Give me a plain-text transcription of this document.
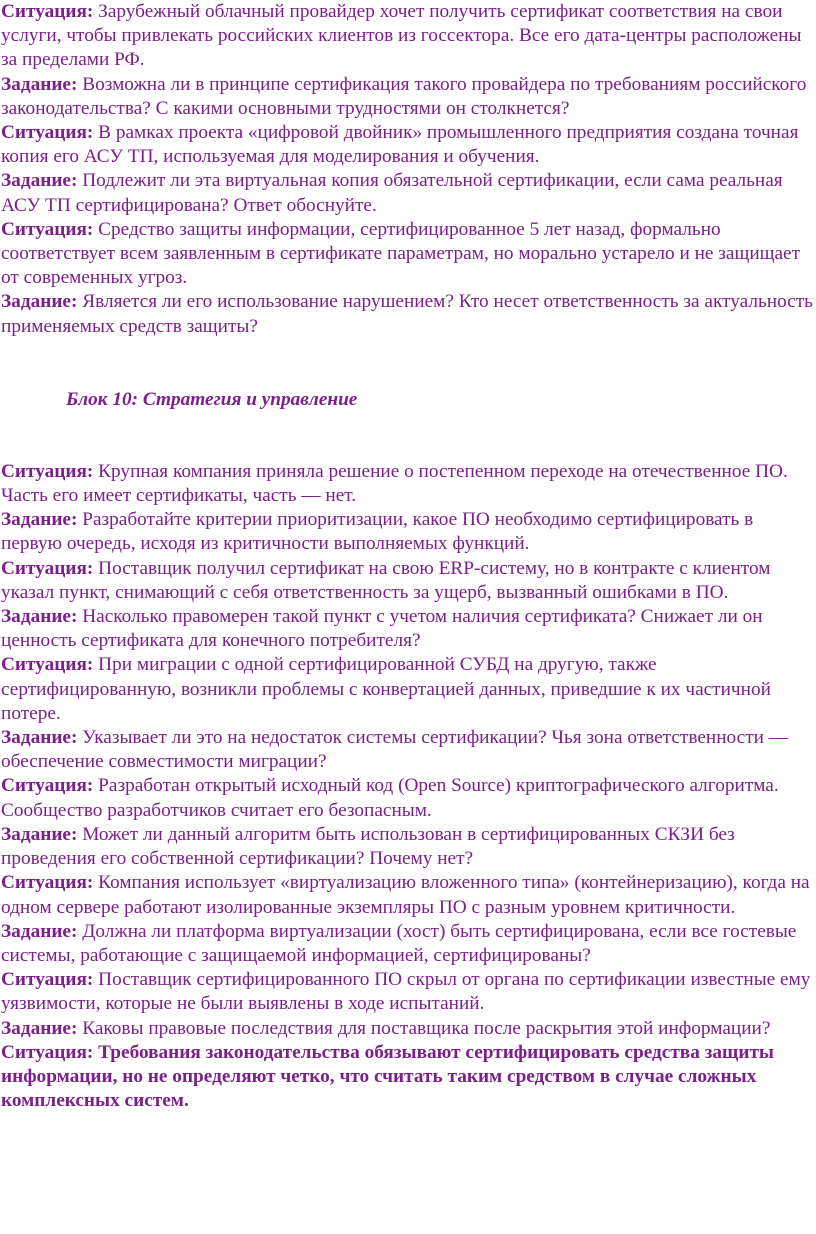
Ситуация: Зарубежный облачный провайдер хочет получить сертификат соответствия на свои услуги, чтобы привлекать российских клиентов из госсектора. Все его дата-центры расположены за пределами РФ.

Задание: Возможна ли в принципе сертификация такого провайдера по требованиям российского законодательства? С какими основными трудностями он столкнется?

Ситуация: В рамках проекта «цифровой двойник» промышленного предприятия создана точная копия его АСУ ТП, используемая для моделирования и обучения.

Задание: Подлежит ли эта виртуальная копия обязательной сертификации, если сама реальная АСУ ТП сертифицирована? Ответ обоснуйте.

Ситуация: Средство защиты информации, сертифицированное 5 лет назад, формально соответствует всем заявленным в сертификате параметрам, но морально устарело и не защищает от современных угроз.

Задание: Является ли его использование нарушением? Кто несет ответственность за актуальность применяемых средств защиты?

Блок 10: Стратегия и управление

Ситуация: Крупная компания приняла решение о постепенном переходе на отечественное ПО. Часть его имеет сертификаты, часть — нет.

Задание: Разработайте критерии приоритизации, какое ПО необходимо сертифицировать в первую очередь, исходя из критичности выполняемых функций.

Ситуация: Поставщик получил сертификат на свою ERP-систему, но в контракте с клиентом указал пункт, снимающий с себя ответственность за ущерб, вызванный ошибками в ПО.

Задание: Насколько правомерен такой пункт с учетом наличия сертификата? Снижает ли он ценность сертификата для конечного потребителя?

Ситуация: При миграции с одной сертифицированной СУБД на другую, также сертифицированную, возникли проблемы с конвертацией данных, приведшие к их частичной потере.

Задание: Указывает ли это на недостаток системы сертификации? Чья зона ответственности — обеспечение совместимости миграции?

Ситуация: Разработан открытый исходный код (Open Source) криптографического алгоритма. Сообщество разработчиков считает его безопасным.

Задание: Может ли данный алгоритм быть использован в сертифицированных СКЗИ без проведения его собственной сертификации? Почему нет?

Ситуация: Компания использует «виртуализацию вложенного типа» (контейнеризацию), когда на одном сервере работают изолированные экземпляры ПО с разным уровнем критичности.

Задание: Должна ли платформа виртуализации (хост) быть сертифицирована, если все гостевые системы, работающие с защищаемой информацией, сертифицированы?

Ситуация: Поставщик сертифицированного ПО скрыл от органа по сертификации известные ему уязвимости, которые не были выявлены в ходе испытаний.

Задание: Каковы правовые последствия для поставщика после раскрытия этой информации?

Ситуация: Требования законодательства обязывают сертифицировать средства защиты информации, но не определяют четко, что считать таким средством в случае сложных комплексных систем.
